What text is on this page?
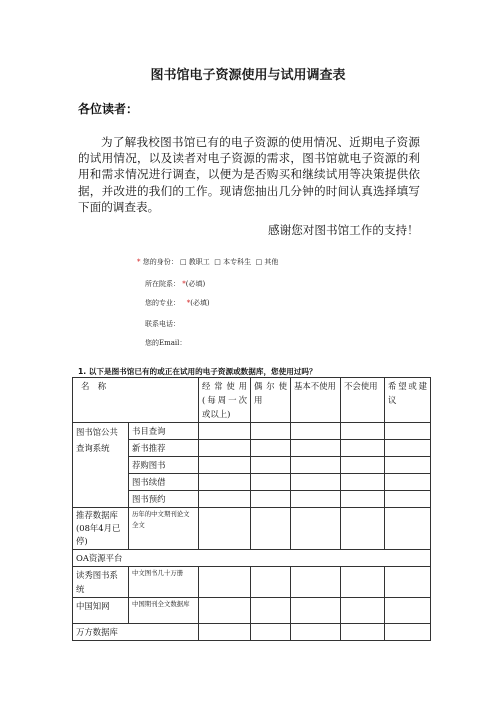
图书馆电子资源使用与试用调查表
各位读者：
为了解我校图书馆已有的电子资源的使用情况、近期电子资源的试用情况，以及读者对电子资源的需求，图书馆就电子资源的利用和需求情况进行调查，以便为是否购买和继续试用等决策提供依据，并改进的我们的工作。现请您抽出几分钟的时间认真选择填写下面的调查表。
感谢您对图书馆工作的支持！
* 您的身份： □ 教职工 □ 本专科生 □ 其他
所在院系： *(必填)
您的专业： *(必填)
联系电话：
您的Email：
1. 以下是图书馆已有的或正在试用的电子资源或数据库，您使用过吗？
名　称		经常使用(每周一次或以上)	偶尔使用	基本不使用	不会使用	希望或建议
图书馆公共查询系统	书目查询					
	新书推荐					
	荐购图书					
	图书续借					
	图书预约					
推荐数据库(08年4月已停)	历年的中文期刊论文全文					
OA资源平台						
读秀图书系统	中文图书几十万册					
中国知网	中国期刊全文数据库					
万方数据库						
